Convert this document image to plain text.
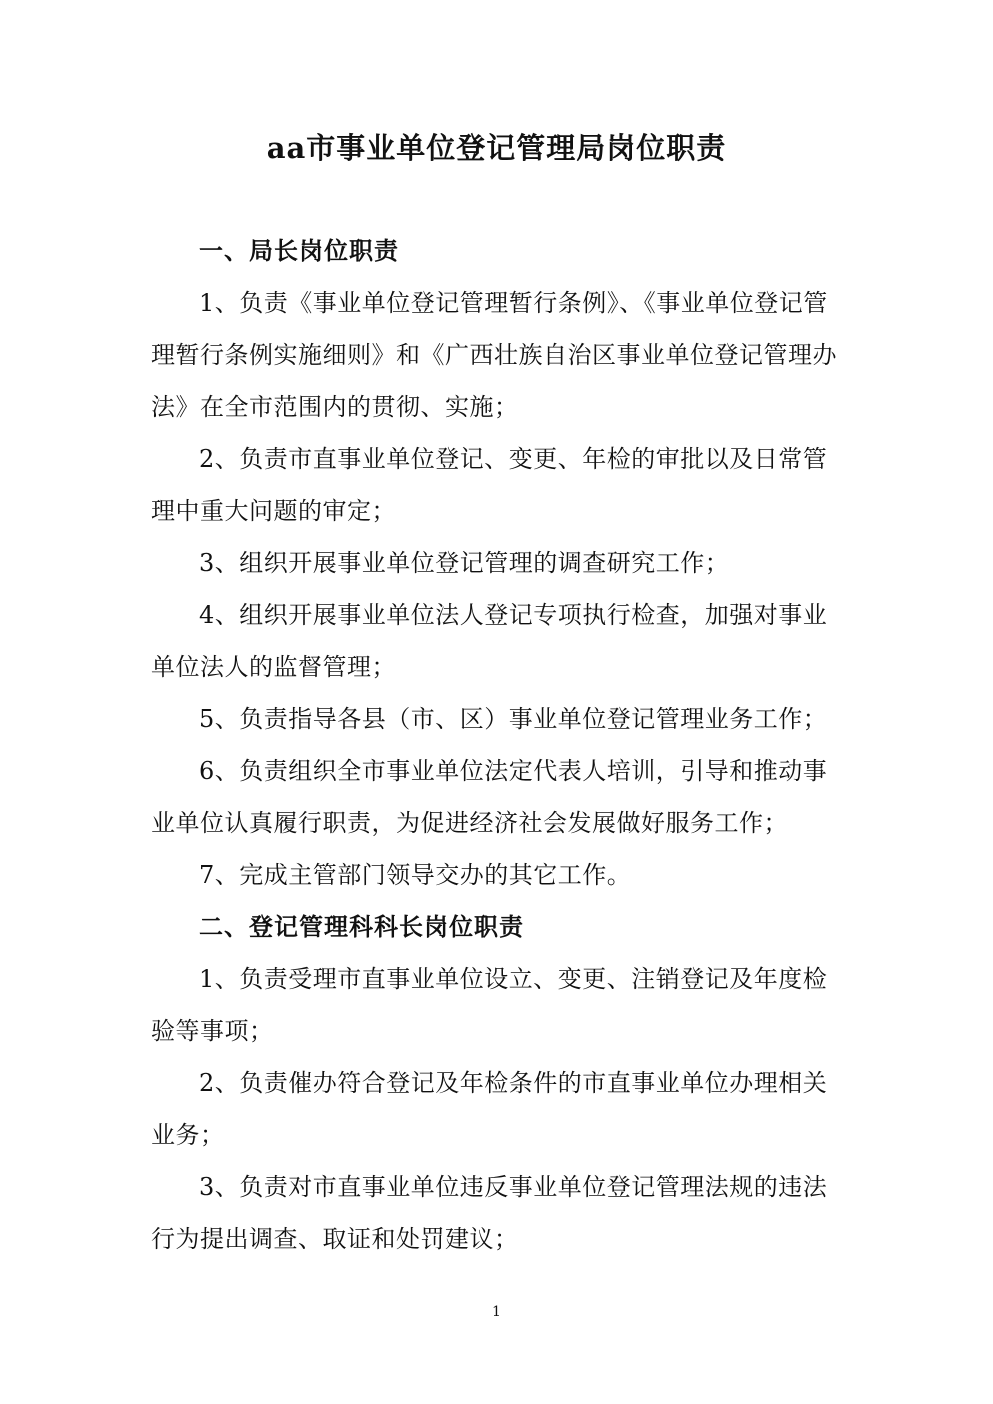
aa市事业单位登记管理局岗位职责
一、局长岗位职责

1、负责《事业单位登记管理暂行条例》、《事业单位登记管理暂行条例实施细则》和《广西壮族自治区事业单位登记管理办法》在全市范围内的贯彻、实施；

2、负责市直事业单位登记、变更、年检的审批以及日常管理中重大问题的审定；

3、组织开展事业单位登记管理的调查研究工作；

4、组织开展事业单位法人登记专项执行检查，加强对事业单位法人的监督管理；

5、负责指导各县（市、区）事业单位登记管理业务工作；

6、负责组织全市事业单位法定代表人培训，引导和推动事业单位认真履行职责，为促进经济社会发展做好服务工作；

7、完成主管部门领导交办的其它工作。

二、登记管理科科长岗位职责

1、负责受理市直事业单位设立、变更、注销登记及年度检验等事项；

2、负责催办符合登记及年检条件的市直事业单位办理相关业务；

3、负责对市直事业单位违反事业单位登记管理法规的违法行为提出调查、取证和处罚建议；

1
